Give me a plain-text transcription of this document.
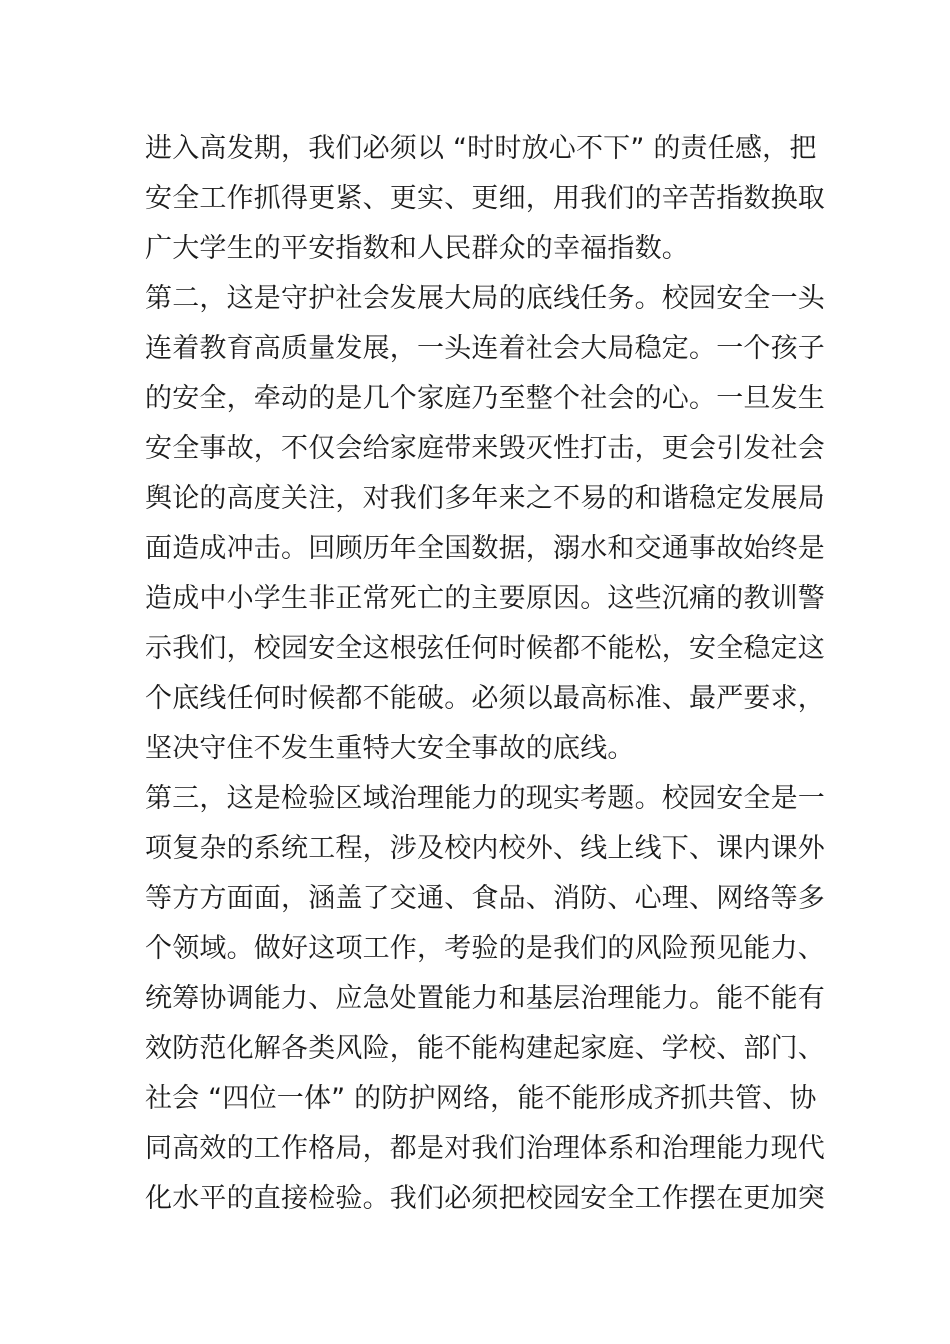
进入高发期，我们必须以 “时时放心不下” 的责任感，把
安全工作抓得更紧、更实、更细，用我们的辛苦指数换取
广大学生的平安指数和人民群众的幸福指数。
第二，这是守护社会发展大局的底线任务。校园安全一头
连着教育高质量发展，一头连着社会大局稳定。一个孩子
的安全，牵动的是几个家庭乃至整个社会的心。一旦发生
安全事故，不仅会给家庭带来毁灭性打击，更会引发社会
舆论的高度关注，对我们多年来之不易的和谐稳定发展局
面造成冲击。回顾历年全国数据，溺水和交通事故始终是
造成中小学生非正常死亡的主要原因。这些沉痛的教训警
示我们，校园安全这根弦任何时候都不能松，安全稳定这
个底线任何时候都不能破。必须以最高标准、最严要求，
坚决守住不发生重特大安全事故的底线。
第三，这是检验区域治理能力的现实考题。校园安全是一
项复杂的系统工程，涉及校内校外、线上线下、课内课外
等方方面面，涵盖了交通、食品、消防、心理、网络等多
个领域。做好这项工作，考验的是我们的风险预见能力、
统筹协调能力、应急处置能力和基层治理能力。能不能有
效防范化解各类风险，能不能构建起家庭、学校、部门、
社会 “四位一体” 的防护网络，能不能形成齐抓共管、协
同高效的工作格局，都是对我们治理体系和治理能力现代
化水平的直接检验。我们必须把校园安全工作摆在更加突
